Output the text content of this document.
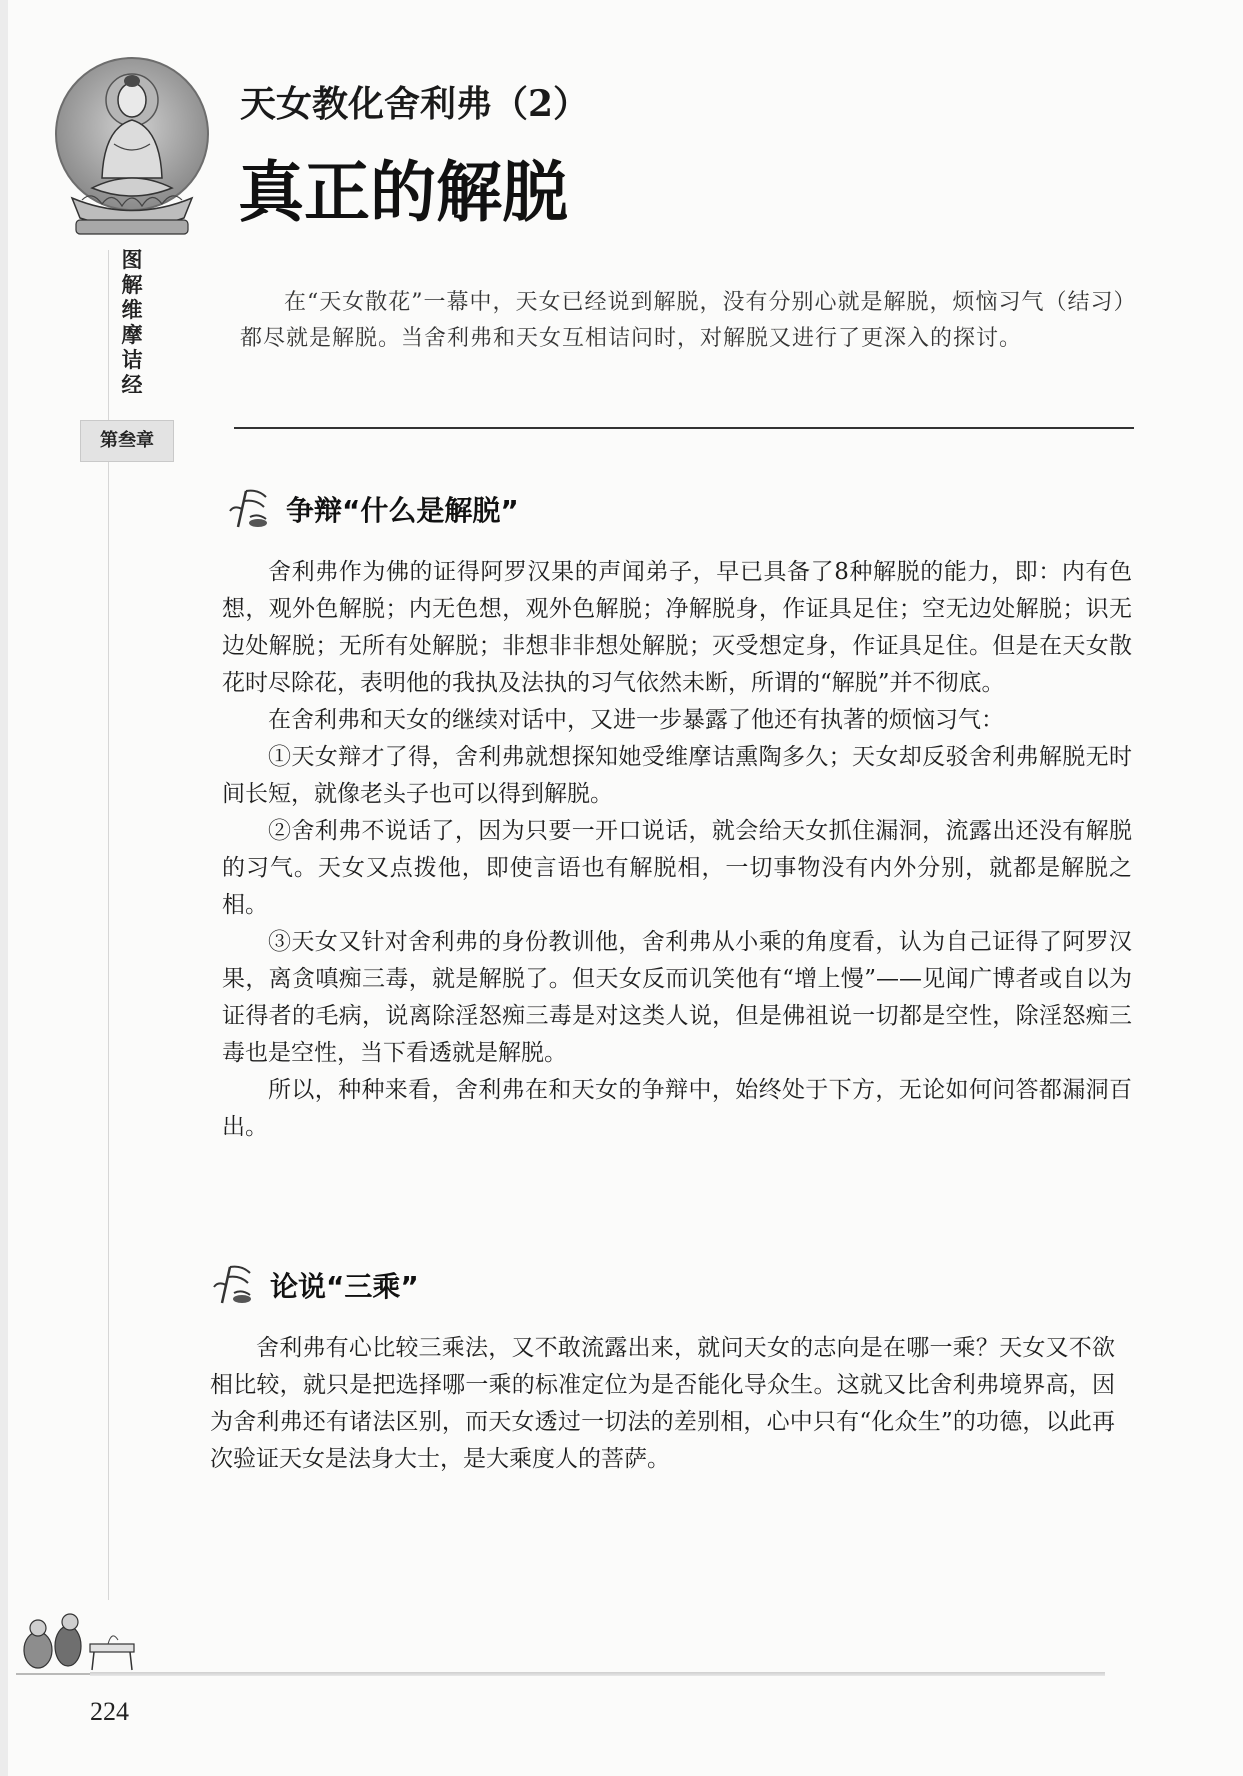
图
解
维
摩
诘
经
第叁章
天女教化舍利弗（2）
真正的解脱
在“天女散花”一幕中，天女已经说到解脱，没有分别心就是解脱，烦恼习气（结习）都尽就是解脱。当舍利弗和天女互相诘问时，对解脱又进行了更深入的探讨。
争辩“什么是解脱”

舍利弗作为佛的证得阿罗汉果的声闻弟子，早已具备了8种解脱的能力，即：内有色想，观外色解脱；内无色想，观外色解脱；净解脱身，作证具足住；空无边处解脱；识无边处解脱；无所有处解脱；非想非非想处解脱；灭受想定身，作证具足住。但是在天女散花时尽除花，表明他的我执及法执的习气依然未断，所谓的“解脱”并不彻底。

在舍利弗和天女的继续对话中，又进一步暴露了他还有执著的烦恼习气：

①天女辩才了得，舍利弗就想探知她受维摩诘熏陶多久；天女却反驳舍利弗解脱无时间长短，就像老头子也可以得到解脱。

②舍利弗不说话了，因为只要一开口说话，就会给天女抓住漏洞，流露出还没有解脱的习气。天女又点拨他，即使言语也有解脱相，一切事物没有内外分别，就都是解脱之相。

③天女又针对舍利弗的身份教训他，舍利弗从小乘的角度看，认为自己证得了阿罗汉果，离贪嗔痴三毒，就是解脱了。但天女反而讥笑他有“增上慢”——见闻广博者或自以为证得者的毛病，说离除淫怒痴三毒是对这类人说，但是佛祖说一切都是空性，除淫怒痴三毒也是空性，当下看透就是解脱。

所以，种种来看，舍利弗在和天女的争辩中，始终处于下方，无论如何问答都漏洞百出。

论说“三乘”

舍利弗有心比较三乘法，又不敢流露出来，就问天女的志向是在哪一乘？天女又不欲相比较，就只是把选择哪一乘的标准定位为是否能化导众生。这就又比舍利弗境界高，因为舍利弗还有诸法区别，而天女透过一切法的差别相，心中只有“化众生”的功德，以此再次验证天女是法身大士，是大乘度人的菩萨。

224
